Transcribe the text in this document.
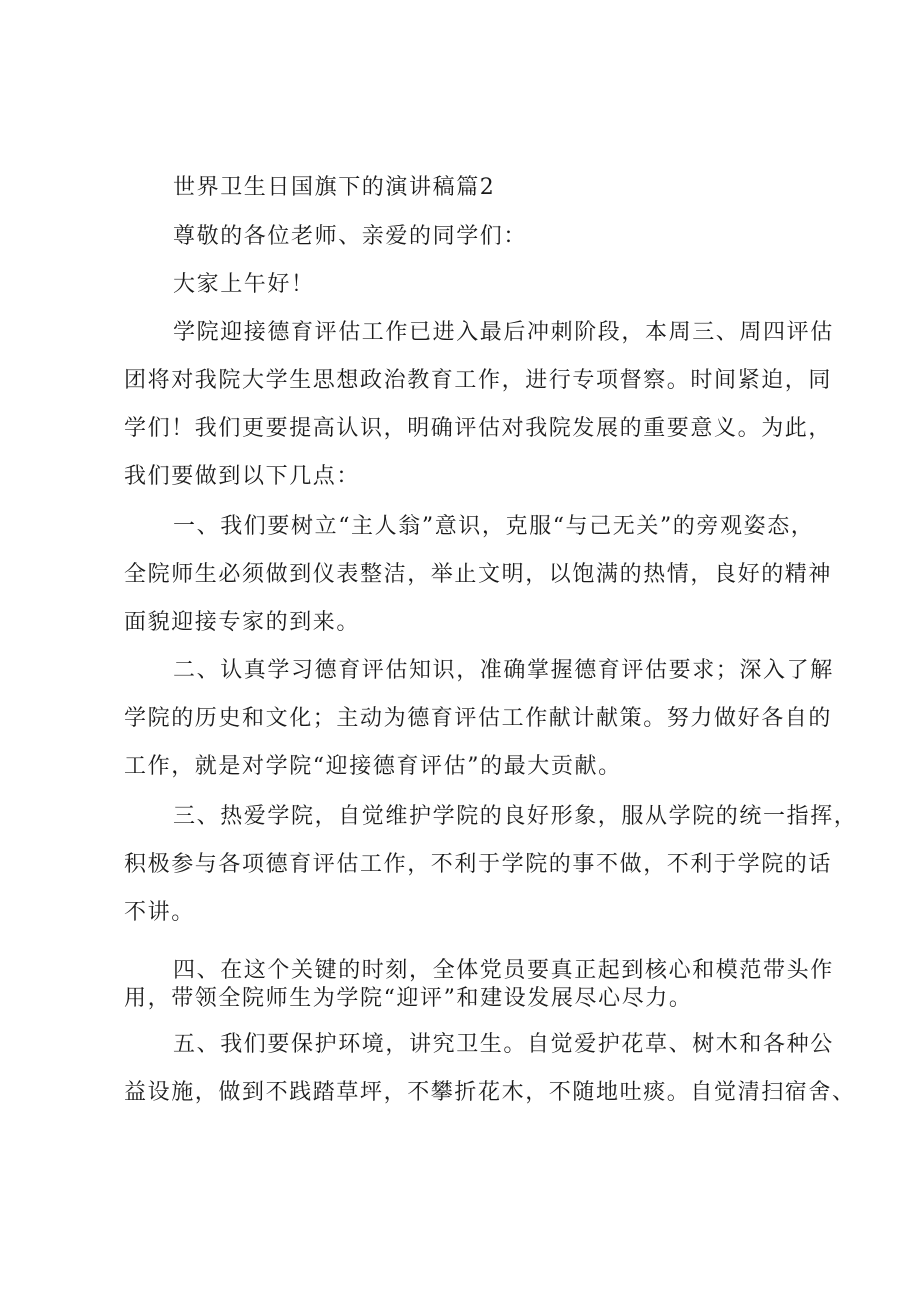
世界卫生日国旗下的演讲稿篇2
尊敬的各位老师、亲爱的同学们：
大家上午好！
学院迎接德育评估工作已进入最后冲刺阶段，本周三、周四评估
团将对我院大学生思想政治教育工作，进行专项督察。时间紧迫，同
学们！我们更要提高认识，明确评估对我院发展的重要意义。为此，
我们要做到以下几点：
一、我们要树立“主人翁”意识，克服“与己无关”的旁观姿态，
全院师生必须做到仪表整洁，举止文明，以饱满的热情，良好的精神
面貌迎接专家的到来。
二、认真学习德育评估知识，准确掌握德育评估要求；深入了解
学院的历史和文化；主动为德育评估工作献计献策。努力做好各自的
工作，就是对学院“迎接德育评估”的最大贡献。
三、热爱学院，自觉维护学院的良好形象，服从学院的统一指挥，
积极参与各项德育评估工作，不利于学院的事不做，不利于学院的话
不讲。
四、在这个关键的时刻，全体党员要真正起到核心和模范带头作
用，带领全院师生为学院“迎评”和建设发展尽心尽力。
五、我们要保护环境，讲究卫生。自觉爱护花草、树木和各种公
益设施，做到不践踏草坪，不攀折花木，不随地吐痰。自觉清扫宿舍、
